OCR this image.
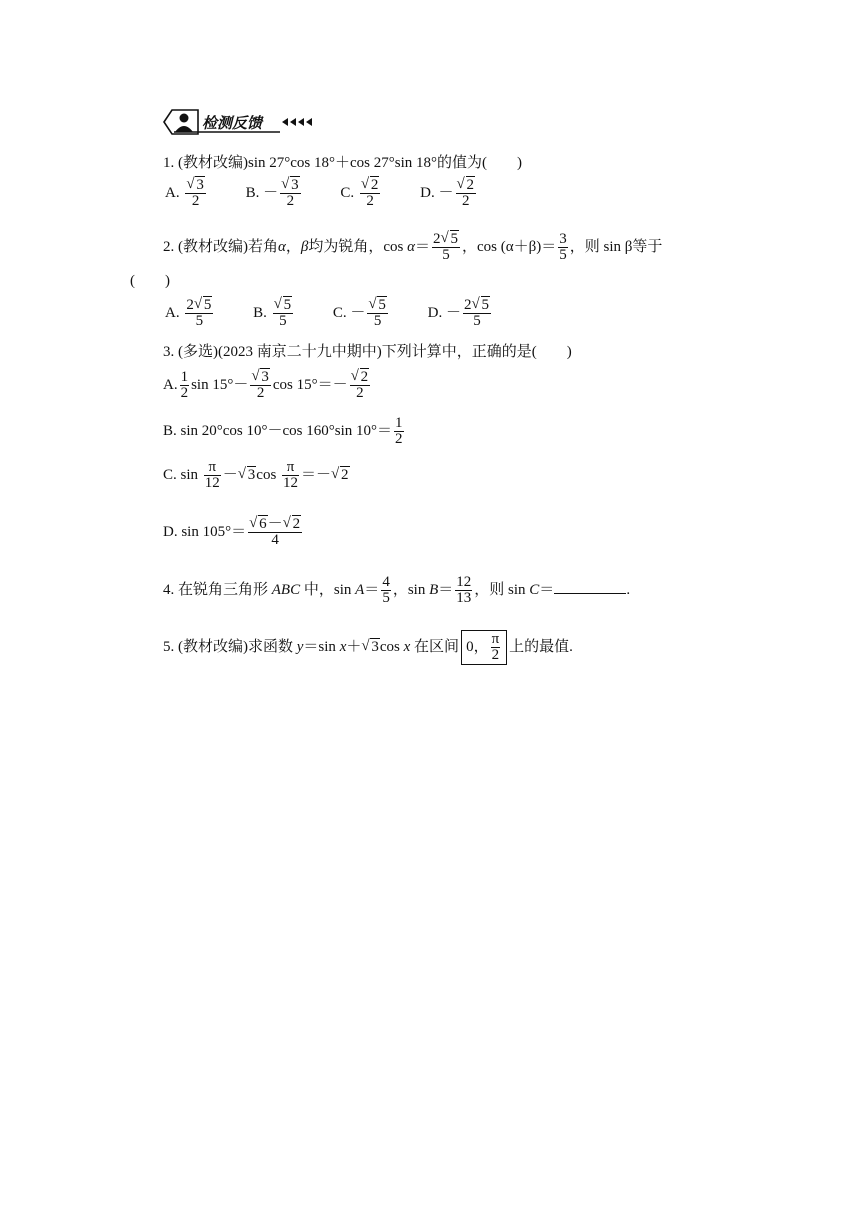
检测反馈
1. (教材改编)sin 27°cos 18°＋cos 27°sin 18°的值为(　　)
A. √ $\frac{3}{2}$	B. － √ $\frac{3}{2}$	C. √ $\frac{2}{2}$	D. － √ $\frac{2}{2}$
2. (教材改编)若角α，β均为锐角，$\cos \alpha= \frac{2 √ 5}{5}$ ，$\cos (\alpha+\beta)= \frac{3}{5}$ ，则 sin β等于
(　　)
A. $\frac{2 √ 5}{5}$	B. √ $\frac{5}{5}$	C. － √ $\frac{5}{5}$	D. － $\frac{2 √ 5}{5}$
3. (多选)(2023 南京二十九中期中)下列计算中，正确的是(　　)
A. $\frac{1}{2}$ sin 15°－ √ $\frac{3}{2}$ cos 15°＝－ √ $\frac{2}{2}$
B. sin 20°cos 10°－cos 160°sin $10^\circ= \frac{1}{2}$
C. $\sin \frac{\pi}{12}$ － √ $3\cos \frac{\pi}{12}$ ＝－ √ 2
D. sin 105°＝ √ $\frac{6- √ 2}{4}$
4. 在锐角三角形 ABC 中，$\sin A= \frac{4}{5}$ ，$\sin B= \frac{12}{13}$ ，则 sin C＝	.
5. (教材改编)求函数 y＝sin x＋ √ 3cos x 在区间 0， $\frac{\pi}{2}$ 上的最值.
